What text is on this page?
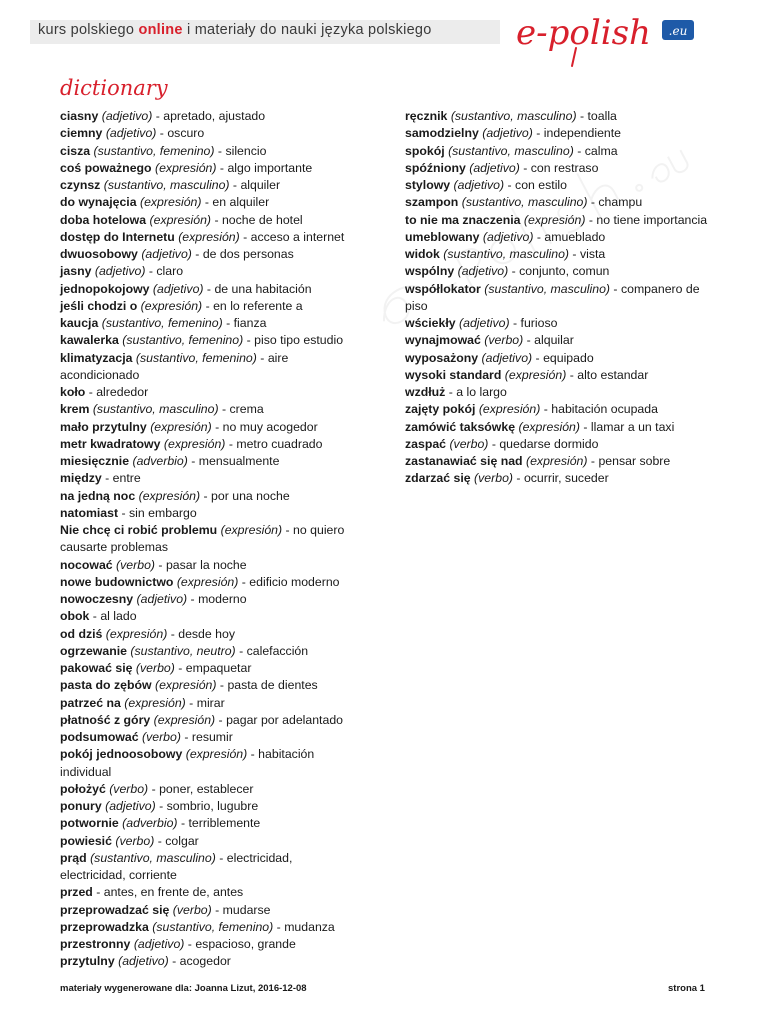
kurs polskiego online i materiały do nauki języka polskiego e-polish .eu
dictionary

ciasny (adjetivo) - apretado, ajustado

ciemny (adjetivo) - oscuro

cisza (sustantivo, femenino) - silencio

coś poważnego (expresión) - algo importante

czynsz (sustantivo, masculino) - alquiler

do wynajęcia (expresión) - en alquiler

doba hotelowa (expresión) - noche de hotel

dostęp do Internetu (expresión) - acceso a internet

dwuosobowy (adjetivo) - de dos personas

jasny (adjetivo) - claro

jednopokojowy (adjetivo) - de una habitación

jeśli chodzi o (expresión) - en lo referente a

kaucja (sustantivo, femenino) - fianza

kawalerka (sustantivo, femenino) - piso tipo estudio

klimatyzacja (sustantivo, femenino) - aire acondicionado

koło - alrededor

krem (sustantivo, masculino) - crema

mało przytulny (expresión) - no muy acogedor

metr kwadratowy (expresión) - metro cuadrado

miesięcznie (adverbio) - mensualmente

między - entre

na jedną noc (expresión) - por una noche

natomiast - sin embargo

Nie chcę ci robić problemu (expresión) - no quiero causarte problemas

nocować (verbo) - pasar la noche

nowe budownictwo (expresión) - edificio moderno

nowoczesny (adjetivo) - moderno

obok - al lado

od dziś (expresión) - desde hoy

ogrzewanie (sustantivo, neutro) - calefacción

pakować się (verbo) - empaquetar

pasta do zębów (expresión) - pasta de dientes

patrzeć na (expresión) - mirar

płatność z góry (expresión) - pagar por adelantado

podsumować (verbo) - resumir

pokój jednoosobowy (expresión) - habitación individual

położyć (verbo) - poner, establecer

ponury (adjetivo) - sombrio, lugubre

potwornie (adverbio) - terriblemente

powiesić (verbo) - colgar

prąd (sustantivo, masculino) - electricidad, electricidad, corriente

przed - antes, en frente de, antes

przeprowadzać się (verbo) - mudarse

przeprowadzka (sustantivo, femenino) - mudanza

przestronny (adjetivo) - espacioso, grande

przytulny (adjetivo) - acogedor

ręcznik (sustantivo, masculino) - toalla

samodzielny (adjetivo) - independiente

spokój (sustantivo, masculino) - calma

spóźniony (adjetivo) - con restraso

stylowy (adjetivo) - con estilo

szampon (sustantivo, masculino) - champu

to nie ma znaczenia (expresión) - no tiene importancia

umeblowany (adjetivo) - amueblado

widok (sustantivo, masculino) - vista

wspólny (adjetivo) - conjunto, comun

współlokator (sustantivo, masculino) - companero de piso

wściekły (adjetivo) - furioso

wynajmować (verbo) - alquilar

wyposażony (adjetivo) - equipado

wysoki standard (expresión) - alto estandar

wzdłuż - a lo largo

zajęty pokój (expresión) - habitación ocupada

zamówić taksówkę (expresión) - llamar a un taxi

zaspać (verbo) - quedarse dormido

zastanawiać się nad (expresión) - pensar sobre

zdarzać się (verbo) - ocurrir, suceder

materiały wygenerowane dla: Joanna Lizut, 2016-12-08	strona 1
